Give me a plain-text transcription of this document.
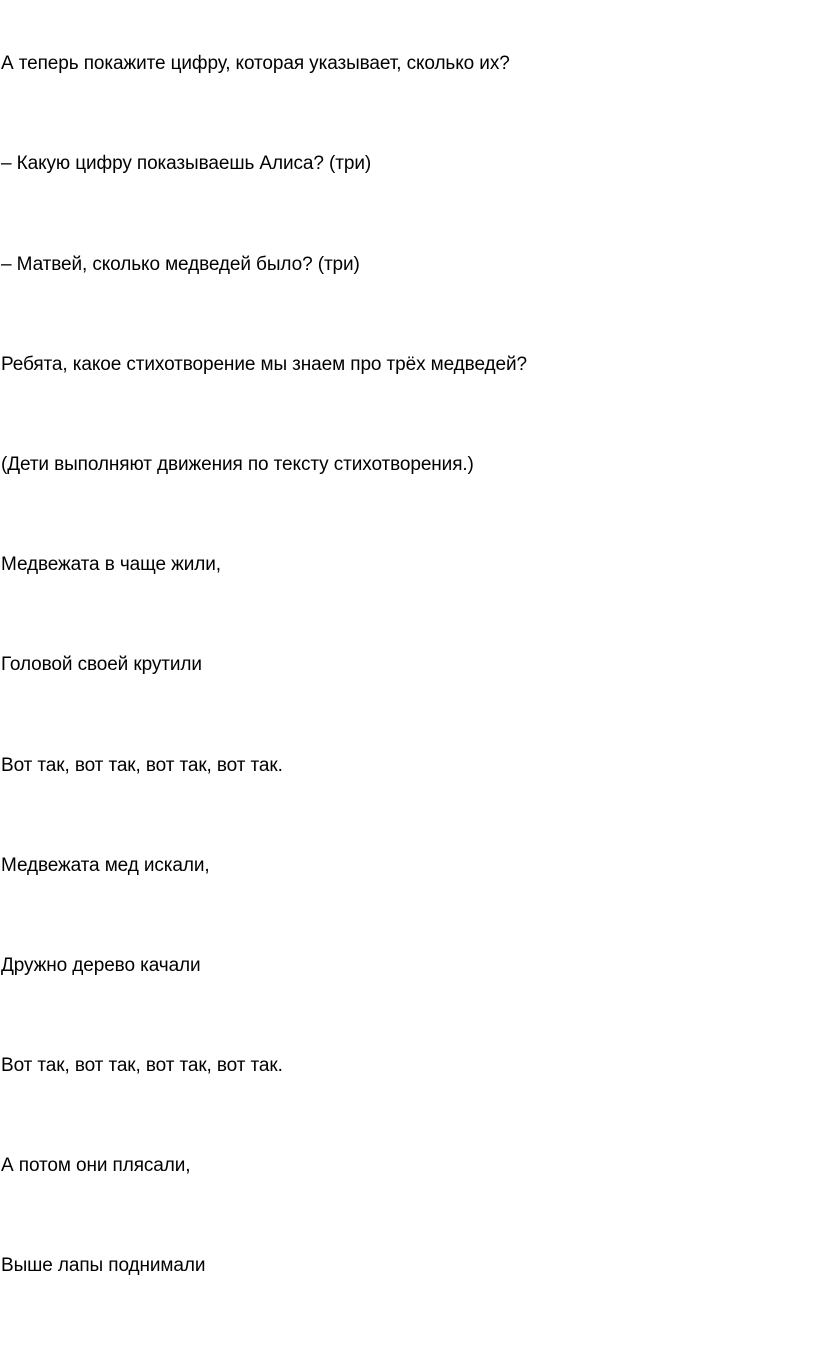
А теперь покажите цифру, которая указывает, сколько их?

– Какую цифру показываешь Алиса? (три)

– Матвей, сколько медведей было? (три)

Ребята, какое стихотворение мы знаем про трёх медведей?

(Дети выполняют движения по тексту стихотворения.)

Медвежата в чаще жили,

Головой своей крутили

Вот так, вот так, вот так, вот так.

Медвежата мед искали,

Дружно дерево качали

Вот так, вот так, вот так, вот так.

А потом они плясали,

Выше лапы поднимали
